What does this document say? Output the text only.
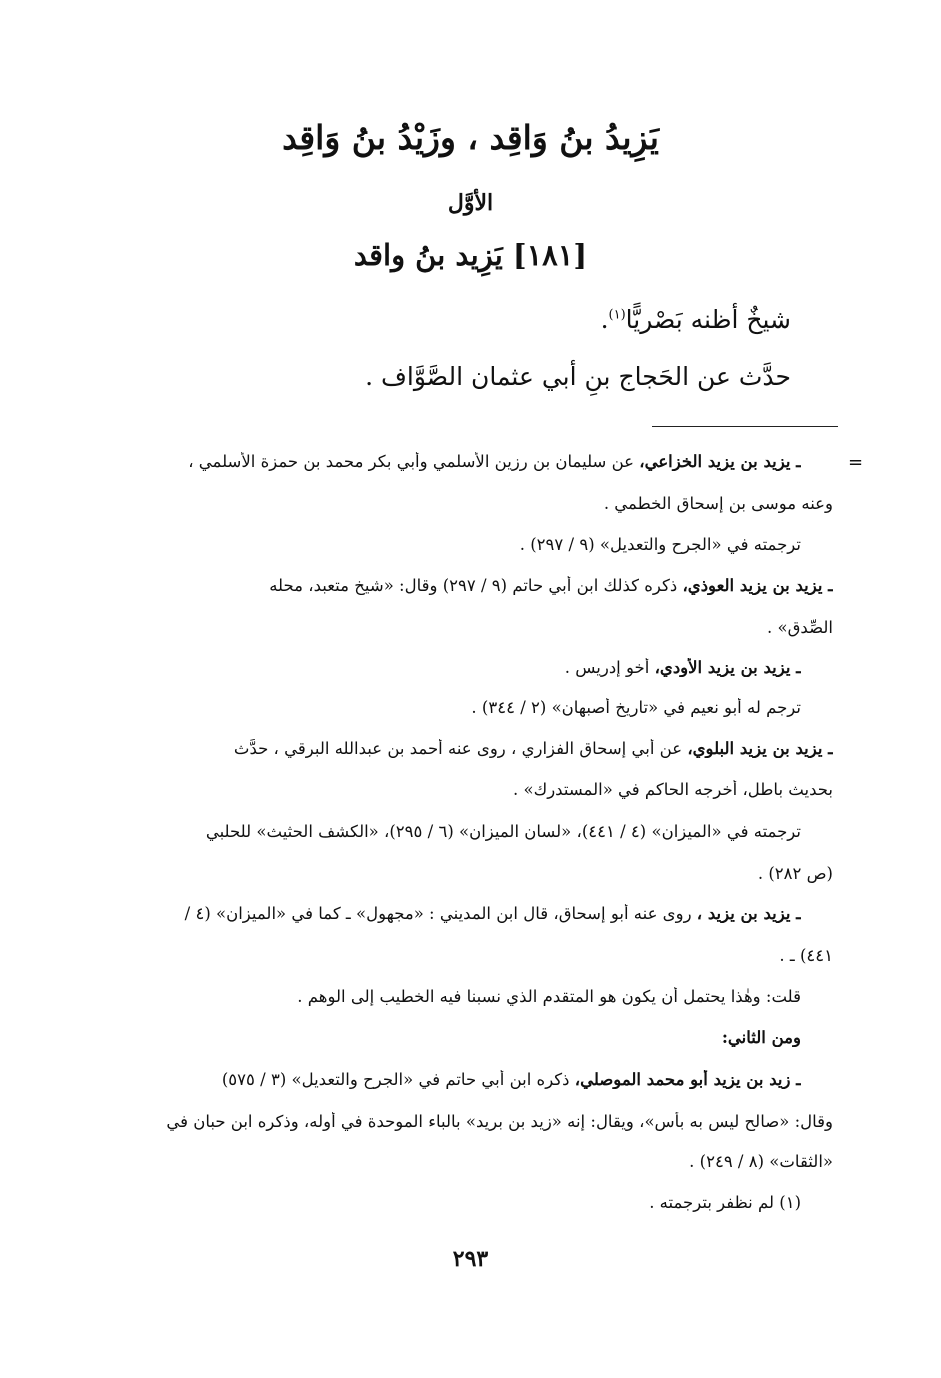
يَزِيدُ بنُ وَاقِد ، وزَيْدُ بنُ وَاقِد
الأوَّل
[١٨١] يَزِيد بنُ واقد
شيخٌ أظنه بَصْريًّا$^{(١)}$.
حدَّث عن الحَجاج بنِ أبي عثمان الصَّوَّاف .
=
ـ يزيد بن يزيد الخزاعي، عن سليمان بن رزين الأسلمي وأبي بكر محمد بن حمزة الأسلمي ،
وعنه موسى بن إسحاق الخطمي .
ترجمته في «الجرح والتعديل» (٩ / ٢٩٧) .
ـ يزيد بن يزيد العوذي، ذكره كذلك ابن أبي حاتم (٩ / ٢٩٧) وقال: «شيخ متعبد، محله
الصِّدق» .
ـ يزيد بن يزيد الأودي، أخو إدريس .
ترجم له أبو نعيم في «تاريخ أصبهان» (٢ / ٣٤٤) .
ـ يزيد بن يزيد البلوي، عن أبي إسحاق الفزاري ، روى عنه أحمد بن عبدالله البرقي ، حدَّث
بحديث باطل، أخرجه الحاكم في «المستدرك» .
ترجمته في «الميزان» (٤ / ٤٤١)، «لسان الميزان» (٦ / ٢٩٥)، «الكشف الحثيث» للحلبي
(ص ٢٨٢) .
ـ يزيد بن يزيد ، روى عنه أبو إسحاق، قال ابن المديني : «مجهول» ـ كما في «الميزان» (٤ /
٤٤١) ـ .
قلت: وهٰذا يحتمل أن يكون هو المتقدم الذي نسبنا فيه الخطيب إلى الوهم .
ومن الثاني:
ـ زيد بن يزيد أبو محمد الموصلي، ذكره ابن أبي حاتم في «الجرح والتعديل» (٣ / ٥٧٥)
وقال: «صالح ليس به بأس»، ويقال: إنه «زيد بن بريد» بالباء الموحدة في أوله، وذكره ابن حبان في
«الثقات» (٨ / ٢٤٩) .
(١) لم نظفر بترجمته .
٢٩٣
